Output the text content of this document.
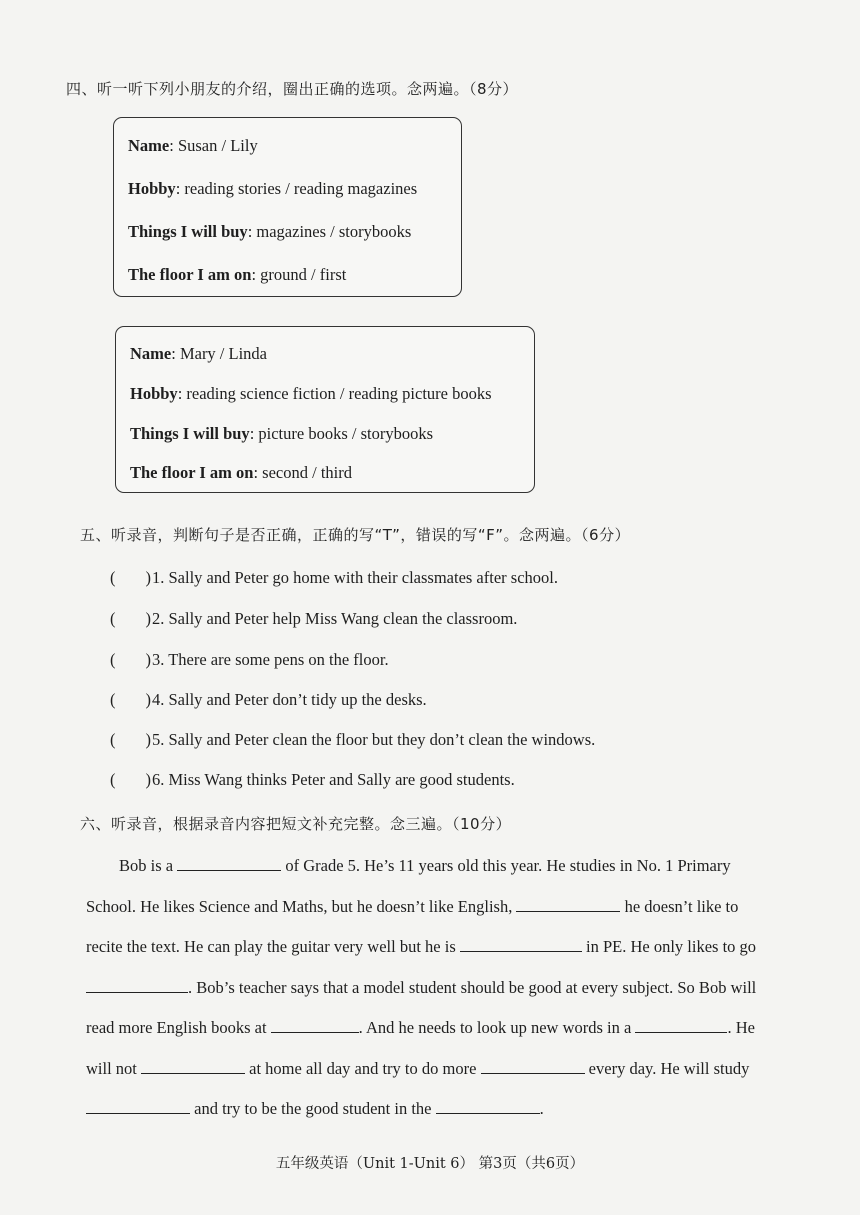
四、听一听下列小朋友的介绍，圈出正确的选项。念两遍。（8分）
Name: Susan / Lily
Hobby: reading stories / reading magazines
Things I will buy: magazines / storybooks
The floor I am on: ground / first
Name: Mary / Linda
Hobby: reading science fiction / reading picture books
Things I will buy: picture books / storybooks
The floor I am on: second / third
五、听录音，判断句子是否正确，正确的写“T”，错误的写“F”。念两遍。（6分）
( )1. Sally and Peter go home with their classmates after school.
( )2. Sally and Peter help Miss Wang clean the classroom.
( )3. There are some pens on the floor.
( )4. Sally and Peter don’t tidy up the desks.
( )5. Sally and Peter clean the floor but they don’t clean the windows.
( )6. Miss Wang thinks Peter and Sally are good students.
六、听录音，根据录音内容把短文补充完整。念三遍。（10分）
Bob is a	of Grade 5. He’s 11 years old this year. He studies in No. 1 Primary
School. He likes Science and Maths, but he doesn’t like English,	he doesn’t like to
recite the text. He can play the guitar very well but he is	in PE. He only likes to go
. Bob’s teacher says that a model student should be good at every subject. So Bob will
read more English books at	. And he needs to look up new words in a	. He
will not	at home all day and try to do more	every day. He will study
and try to be the good student in the	.
五年级英语（Unit 1-Unit 6） 第3页（共6页）
